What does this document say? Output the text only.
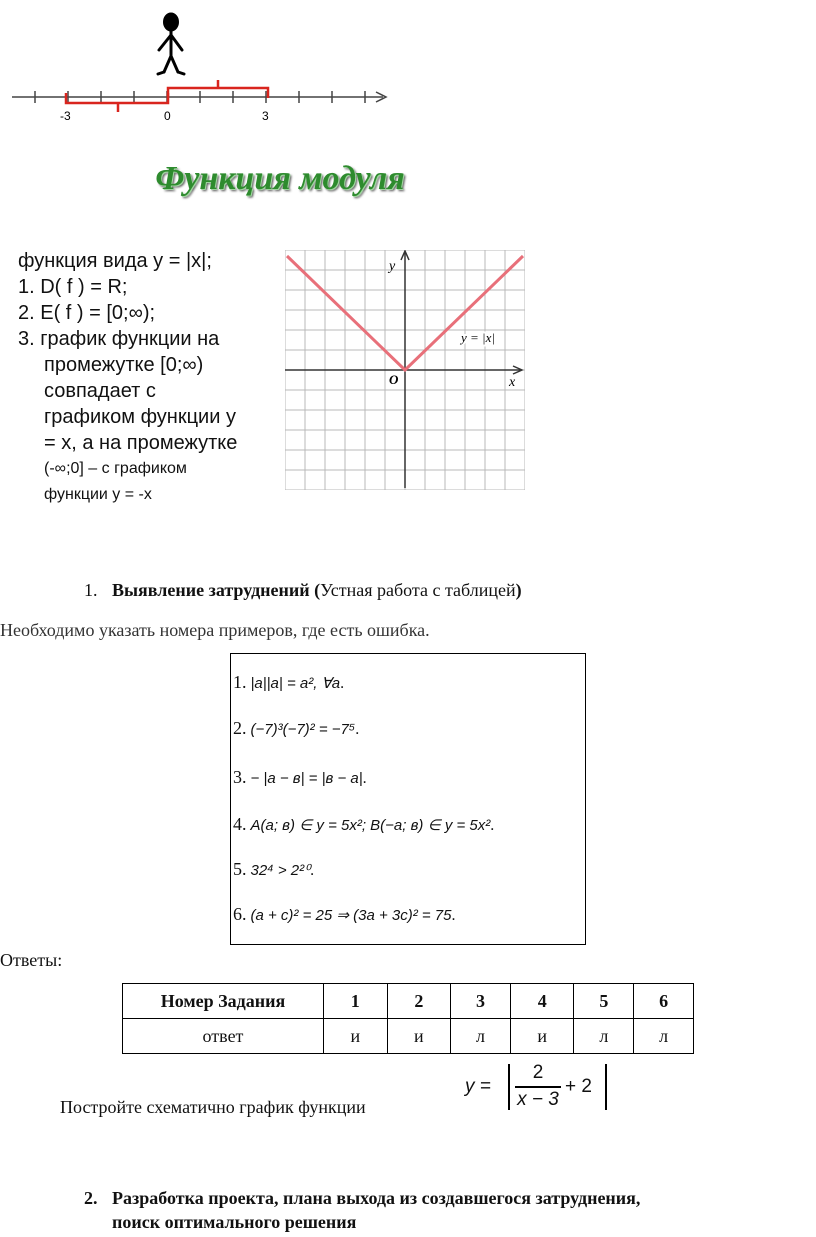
-3	0	3
Функция модуля
функция вида y = |x|;
1. D( f ) = R;
2. E( f ) = [0;∞);
3. график функции на
промежутке [0;∞)
совпадает с
графиком функции y
= x, а на промежутке
(-∞;0] – с графиком
функции y = -x
y
x
O
y = |x|
1. Выявление затруднений (Устная работа с таблицей)
Необходимо указать номера примеров, где есть ошибка.
1. |a||a| = a², ∀a.
2. (−7)³(−7)² = −7⁵.
3. − |a − в| = |в − a|.
4. A(a; в) ∈ y = 5x²; B(−a; в) ∈ y = 5x².
5. 32⁴ > 2²⁰.
6. (a + c)² = 25 ⇒ (3a + 3c)² = 75.
Ответы:
Номер Задания	1	2	3	4	5	6
ответ	и	и	л	и	л	л
Постройте схематично график функции
y =
2
x − 3
+ 2
2. Разработка проекта, плана выхода из создавшегося затруднения,
поиск оптимального решения
